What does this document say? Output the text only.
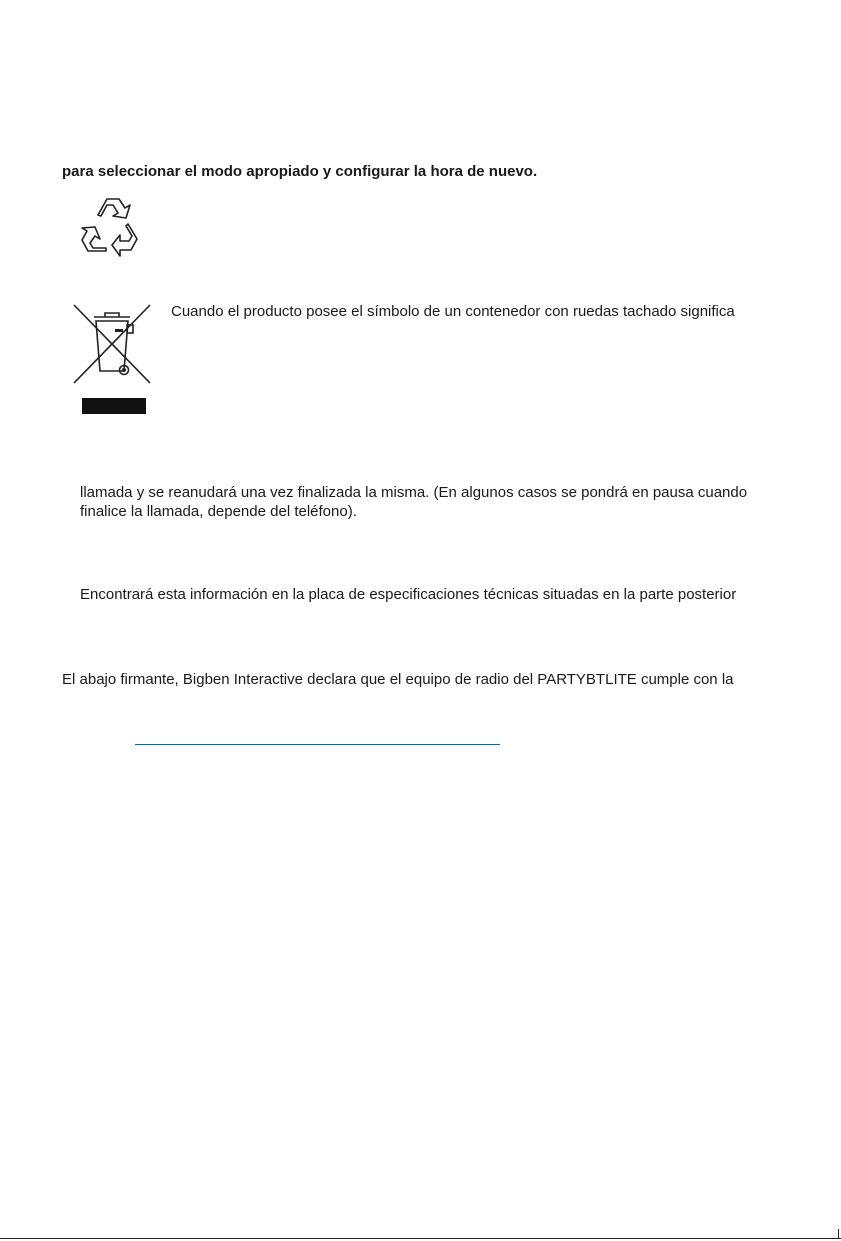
para seleccionar el modo apropiado y configurar la hora de nuevo.

Cuando el producto posee el símbolo de un contenedor con ruedas tachado significa

llamada y se reanudará una vez finalizada la misma. (En algunos casos se pondrá en pausa cuando

finalice la llamada, depende del teléfono).

Encontrará esta información en la placa de especificaciones técnicas situadas en la parte posterior

El abajo firmante, Bigben Interactive declara que el equipo de radio del PARTYBTLITE cumple con la
